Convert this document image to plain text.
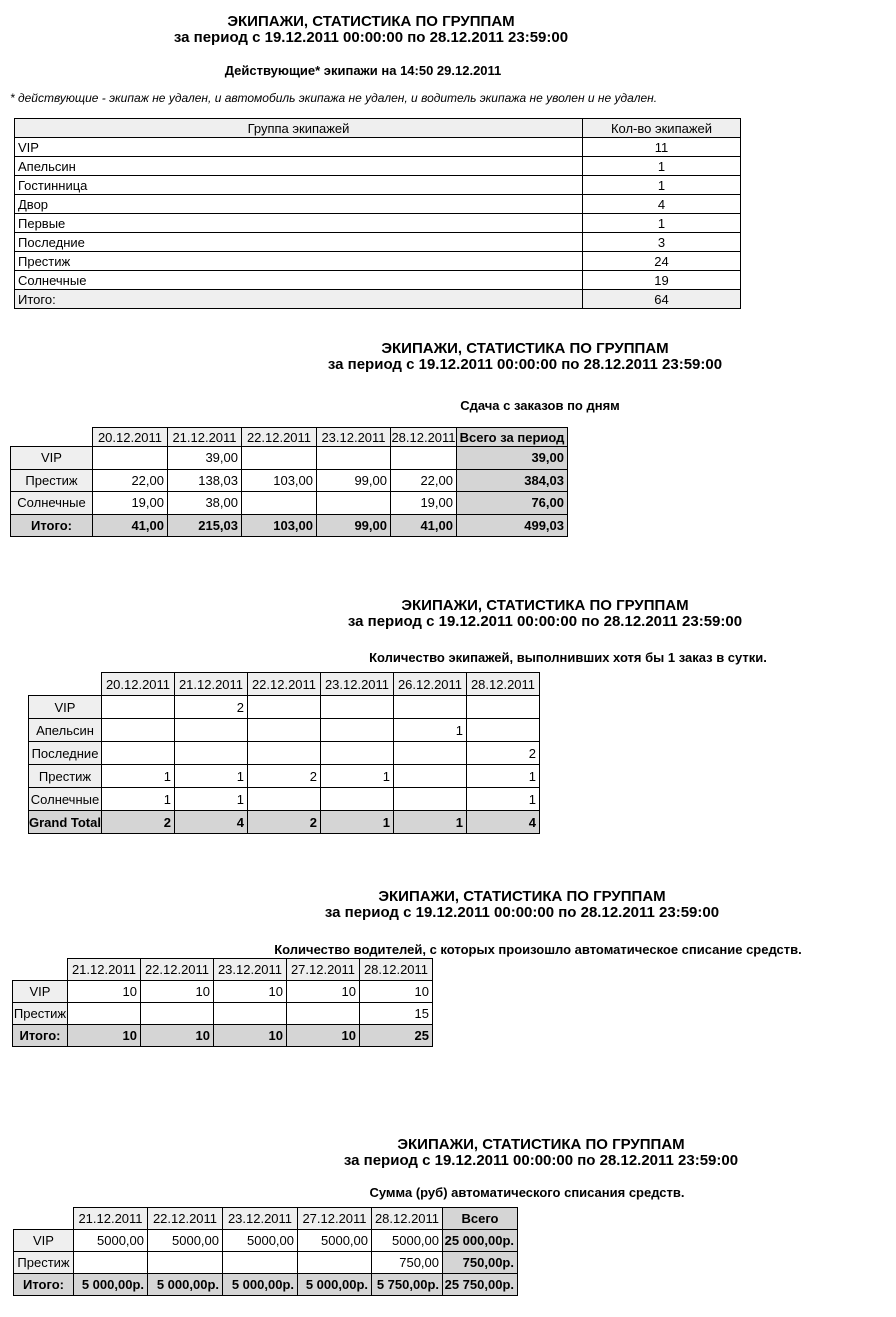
ЭКИПАЖИ, СТАТИСТИКА ПО ГРУППАМ
за период с 19.12.2011 00:00:00 по 28.12.2011 23:59:00
Действующие* экипажи на 14:50 29.12.2011
* действующие - экипаж не удален, и автомобиль экипажа не удален, и водитель экипажа не уволен и не удален.
Группа экипажей	Кол-во экипажей
VIP	11
Апельсин	1
Гостинница	1
Двор	4
Первые	1
Последние	3
Престиж	24
Солнечные	19
Итого:	64
ЭКИПАЖИ, СТАТИСТИКА ПО ГРУППАМ
за период с 19.12.2011 00:00:00 по 28.12.2011 23:59:00
Сдача с заказов по дням
	20.12.2011	21.12.2011	22.12.2011	23.12.2011	28.12.2011	Всего за период
VIP		39,00				39,00
Престиж	22,00	138,03	103,00	99,00	22,00	384,03
Солнечные	19,00	38,00			19,00	76,00
Итого:	41,00	215,03	103,00	99,00	41,00	499,03
ЭКИПАЖИ, СТАТИСТИКА ПО ГРУППАМ
за период с 19.12.2011 00:00:00 по 28.12.2011 23:59:00
Количество экипажей, выполнивших хотя бы 1 заказ в сутки.
	20.12.2011	21.12.2011	22.12.2011	23.12.2011	26.12.2011	28.12.2011
VIP		2				
Апельсин					1	
Последние						2
Престиж	1	1	2	1		1
Солнечные	1	1				1
Grand Total	2	4	2	1	1	4
ЭКИПАЖИ, СТАТИСТИКА ПО ГРУППАМ
за период с 19.12.2011 00:00:00 по 28.12.2011 23:59:00
Количество водителей, с которых произошло автоматическое списание средств.
	21.12.2011	22.12.2011	23.12.2011	27.12.2011	28.12.2011
VIP	10	10	10	10	10
Престиж					15
Итого:	10	10	10	10	25
ЭКИПАЖИ, СТАТИСТИКА ПО ГРУППАМ
за период с 19.12.2011 00:00:00 по 28.12.2011 23:59:00
Сумма (руб) автоматического списания средств.
	21.12.2011	22.12.2011	23.12.2011	27.12.2011	28.12.2011	Всего
VIP	5000,00	5000,00	5000,00	5000,00	5000,00	25 000,00р.
Престиж					750,00	750,00р.
Итого:	5 000,00р.	5 000,00р.	5 000,00р.	5 000,00р.	5 750,00р.	25 750,00р.
